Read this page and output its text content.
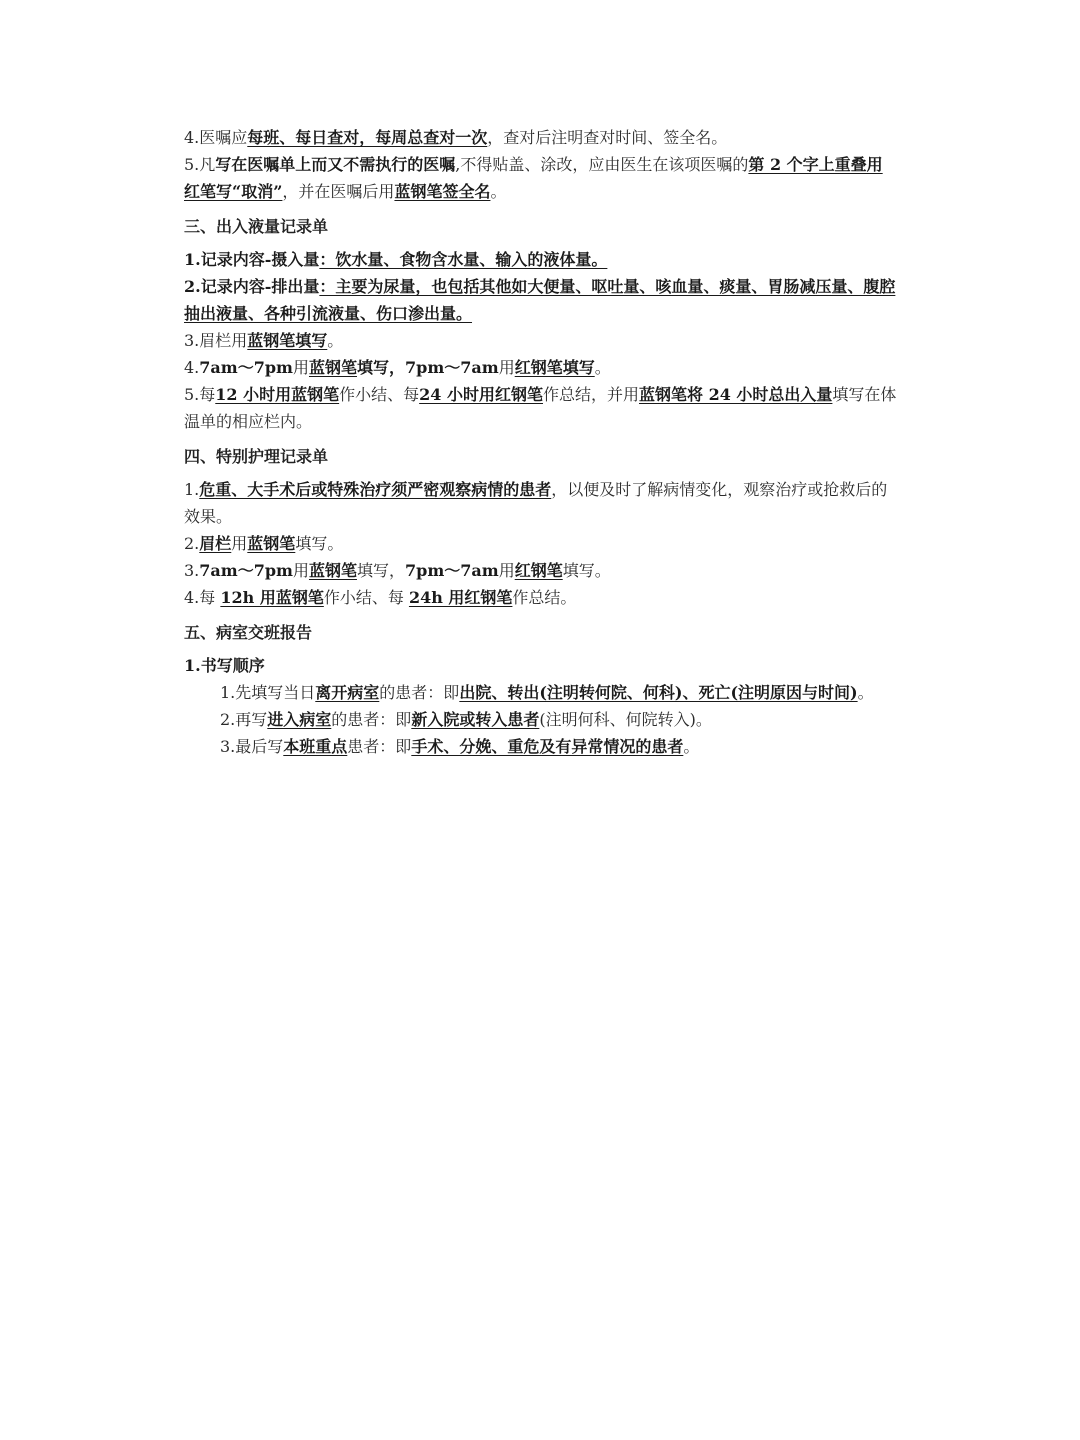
4.医嘱应每班、每日查对，每周总查对一次，查对后注明查对时间、签全名。

5.凡写在医嘱单上而又不需执行的医嘱,不得贴盖、涂改，应由医生在该项医嘱的第 2 个字上重叠用红笔写“取消”，并在医嘱后用蓝钢笔签全名。

三、出入液量记录单

1.记录内容-摄入量：饮水量、食物含水量、输入的液体量。

2.记录内容-排出量：主要为尿量，也包括其他如大便量、呕吐量、咳血量、痰量、胃肠减压量、腹腔抽出液量、各种引流液量、伤口渗出量。

3.眉栏用蓝钢笔填写。

4.7am～7pm用蓝钢笔填写，7pm～7am用红钢笔填写。

5.每12 小时用蓝钢笔作小结、每24 小时用红钢笔作总结，并用蓝钢笔将 24 小时总出入量填写在体温单的相应栏内。

四、特别护理记录单

1.危重、大手术后或特殊治疗须严密观察病情的患者，以便及时了解病情变化，观察治疗或抢救后的效果。

2.眉栏用蓝钢笔填写。

3.7am～7pm用蓝钢笔填写，7pm～7am用红钢笔填写。

4.每 12h 用蓝钢笔作小结、每 24h 用红钢笔作总结。

五、病室交班报告

1.书写顺序

1.先填写当日离开病室的患者：即出院、转出(注明转何院、何科)、死亡(注明原因与时间)。

2.再写进入病室的患者：即新入院或转入患者(注明何科、何院转入)。

3.最后写本班重点患者：即手术、分娩、重危及有异常情况的患者。
